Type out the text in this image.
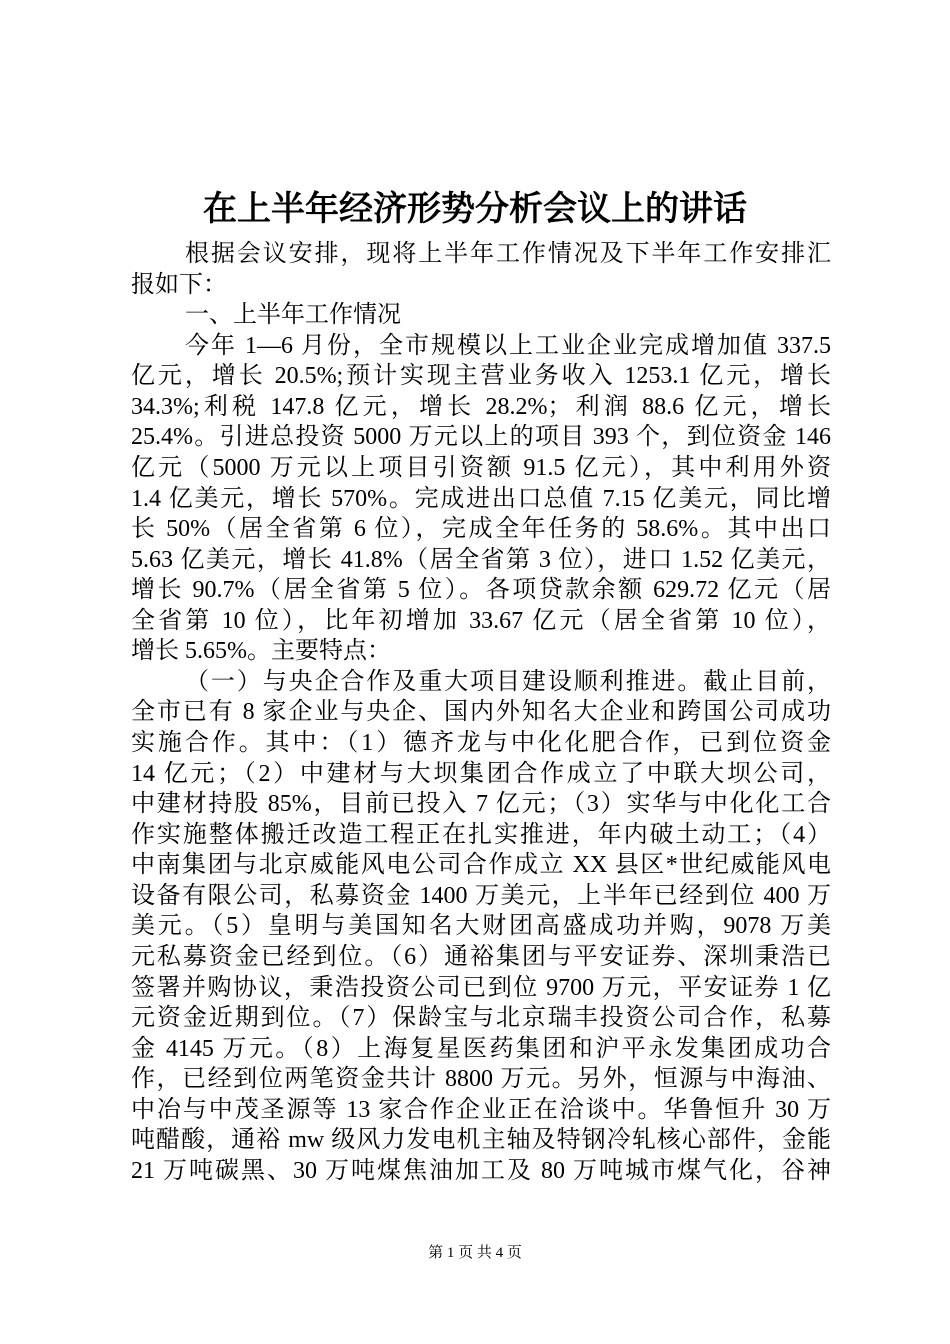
在上半年经济形势分析会议上的讲话
根据会议安排，现将上半年工作情况及下半年工作安排汇
报如下：
一、上半年工作情况
今年 1—6 月份，全市规模以上工业企业完成增加值 337.5
亿元，增长 20.5%;预计实现主营业务收入 1253.1 亿元，增长
34.3%;利税 147.8 亿元，增长 28.2%；利润 88.6 亿元，增长
25.4%。引进总投资 5000 万元以上的项目 393 个，到位资金 146
亿元（5000 万元以上项目引资额 91.5 亿元），其中利用外资
1.4 亿美元，增长 570%。完成进出口总值 7.15 亿美元，同比增
长 50%（居全省第 6 位），完成全年任务的 58.6%。其中出口
5.63 亿美元，增长 41.8%（居全省第 3 位），进口 1.52 亿美元，
增长 90.7%（居全省第 5 位）。各项贷款余额 629.72 亿元（居
全省第 10 位），比年初增加 33.67 亿元（居全省第 10 位），
增长 5.65%。主要特点：
（一）与央企合作及重大项目建设顺利推进。截止目前，
全市已有 8 家企业与央企、国内外知名大企业和跨国公司成功
实施合作。其中：（1）德齐龙与中化化肥合作，已到位资金
14 亿元；（2）中建材与大坝集团合作成立了中联大坝公司，
中建材持股 85%，目前已投入 7 亿元；（3）实华与中化化工合
作实施整体搬迁改造工程正在扎实推进，年内破土动工；（4）
中南集团与北京威能风电公司合作成立 XX 县区*世纪威能风电
设备有限公司，私募资金 1400 万美元，上半年已经到位 400 万
美元。（5）皇明与美国知名大财团高盛成功并购，9078 万美
元私募资金已经到位。（6）通裕集团与平安证券、深圳秉浩已
签署并购协议，秉浩投资公司已到位 9700 万元，平安证券 1 亿
元资金近期到位。（7）保龄宝与北京瑞丰投资公司合作，私募
金 4145 万元。（8）上海复星医药集团和沪平永发集团成功合
作，已经到位两笔资金共计 8800 万元。另外，恒源与中海油、
中冶与中茂圣源等 13 家合作企业正在洽谈中。华鲁恒升 30 万
吨醋酸，通裕 mw 级风力发电机主轴及特钢冷轧核心部件，金能
21 万吨碳黑、30 万吨煤焦油加工及 80 万吨城市煤气化，谷神
第 1 页 共 4 页
